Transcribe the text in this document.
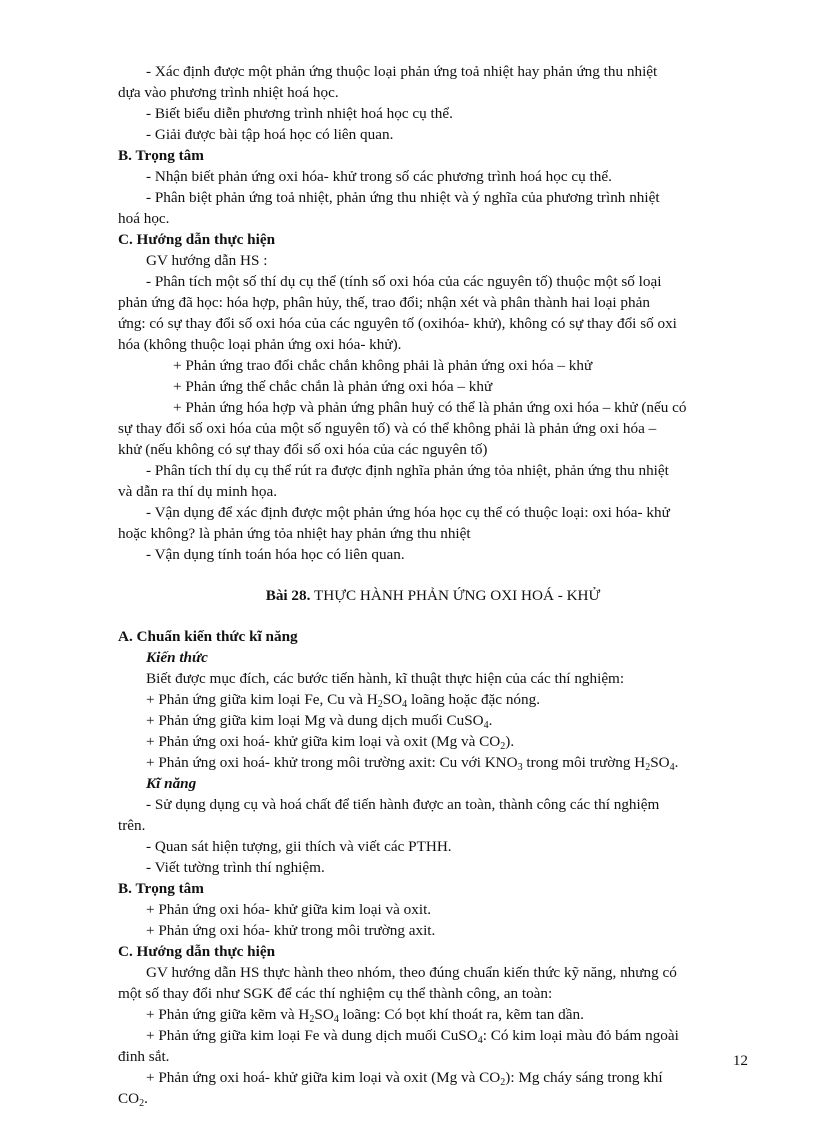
- Xác định được một phản ứng thuộc loại phản ứng toả nhiệt hay phản ứng thu nhiệt
dựa vào phương trình nhiệt hoá học.
- Biết biểu diễn phương trình nhiệt hoá học cụ thể.
- Giải được bài tập hoá học có liên quan.
B. Trọng tâm
- Nhận biết phản ứng oxi hóa- khử trong số các phương trình hoá học cụ thể.
- Phân biệt phản ứng toả nhiệt, phản ứng thu nhiệt và ý nghĩa của phương trình nhiệt
hoá học.
C. Hướng dẫn thực hiện
GV hướng dẫn HS :
- Phân tích một số thí dụ cụ thể (tính số oxi hóa của các nguyên tố) thuộc một số loại
phản ứng đã học: hóa hợp, phân hủy, thế, trao đổi; nhận xét và phân thành hai loại phản
ứng: có sự thay đổi số oxi hóa của các nguyên tố (oxihóa- khử), không có sự thay đổi số oxi
hóa (không thuộc loại phản ứng oxi hóa- khử).
+ Phản ứng trao đổi chắc chắn không phải là phản ứng oxi hóa – khử
+ Phản ứng thế chắc chắn là phản ứng oxi hóa – khử
+ Phản ứng hóa hợp và phản ứng phân huỷ có thể là phản ứng oxi hóa – khử (nếu có
sự thay đổi số oxi hóa của một số nguyên tố) và có thể không phải là phản ứng oxi hóa –
khử (nếu không có sự thay đổi số oxi hóa của các nguyên tố)
- Phân tích thí dụ cụ thể rút ra được định nghĩa phản ứng tỏa nhiệt, phản ứng thu nhiệt
và dẫn ra thí dụ minh họa.
- Vận dụng để xác định được một phản ứng hóa học cụ thể có thuộc loại: oxi hóa- khử
hoặc không? là phản ứng tỏa nhiệt hay phản ứng thu nhiệt
- Vận dụng tính toán hóa học có liên quan.
Bài 28. THỰC HÀNH PHẢN ỨNG OXI HOÁ - KHỬ
A. Chuẩn kiến thức kĩ năng
Kiến thức
Biết được mục đích, các bước tiến hành, kĩ thuật thực hiện của các thí nghiệm:
+ Phản ứng giữa kim loại Fe, Cu và $H_2SO_4$ loãng hoặc đặc nóng.
+ Phản ứng giữa kim loại Mg và dung dịch muối CuSO$_4$.
+ Phản ứng oxi hoá- khử giữa kim loại và oxit (Mg và $CO_2$).
+ Phản ứng oxi hoá- khử trong môi trường axit: Cu với $KNO_3$ trong môi trường $H_2SO_4$.
Kĩ năng
- Sử dụng dụng cụ và hoá chất để tiến hành được an toàn, thành công các thí nghiệm
trên.
- Quan sát hiện tượng, gii thích và viết các PTHH.
- Viết tường trình thí nghiệm.
B. Trọng tâm
+ Phản ứng oxi hóa- khử giữa kim loại và oxit.
+ Phản ứng oxi hóa- khử trong môi trường axit.
C. Hướng dẫn thực hiện
GV hướng dẫn HS thực hành theo nhóm, theo đúng chuẩn kiến thức kỹ năng, nhưng có
một số thay đổi như SGK để các thí nghiệm cụ thể thành công, an toàn:
+ Phản ứng giữa kẽm và $H_2SO_4$ loãng: Có bọt khí thoát ra, kẽm tan dần.
+ Phản ứng giữa kim loại Fe và dung dịch muối CuSO$_4$: Có kim loại màu đỏ bám ngoài
đinh sắt.
+ Phản ứng oxi hoá- khử giữa kim loại và oxit (Mg và $CO_2$): Mg cháy sáng trong khí
$CO_2$.
12
